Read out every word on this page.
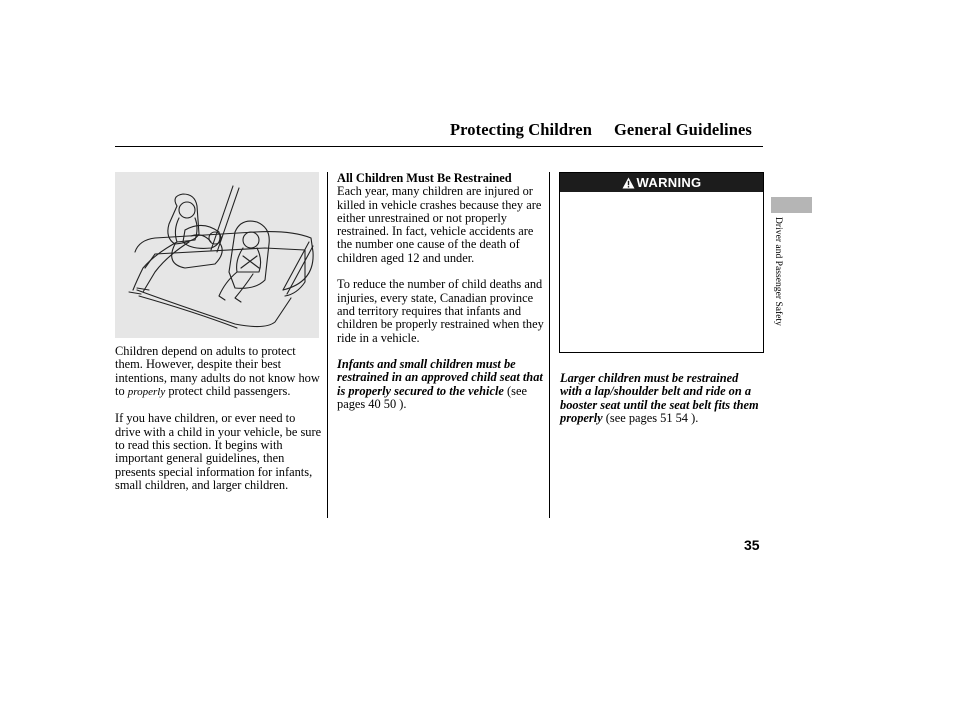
Protecting Children General Guidelines

Children depend on adults to protect them. However, despite their best intentions, many adults do not know how to properly protect child passengers.

If you have children, or ever need to drive with a child in your vehicle, be sure to read this section. It begins with important general guidelines, then presents special information for infants, small children, and larger children.

All Children Must Be Restrained

Each year, many children are injured or killed in vehicle crashes because they are either unrestrained or not properly restrained. In fact, vehicle accidents are the number one cause of the death of children aged 12 and under.

To reduce the number of child deaths and injuries, every state, Canadian province and territory requires that infants and children be properly restrained when they ride in a vehicle.

Infants and small children must be restrained in an approved child seat that is properly secured to the vehicle (see pages 40 50 ).

WARNING

Larger children must be restrained with a lap/shoulder belt and ride on a booster seat until the seat belt fits them properly (see pages 51 54 ).

Driver and Passenger Safety
35
